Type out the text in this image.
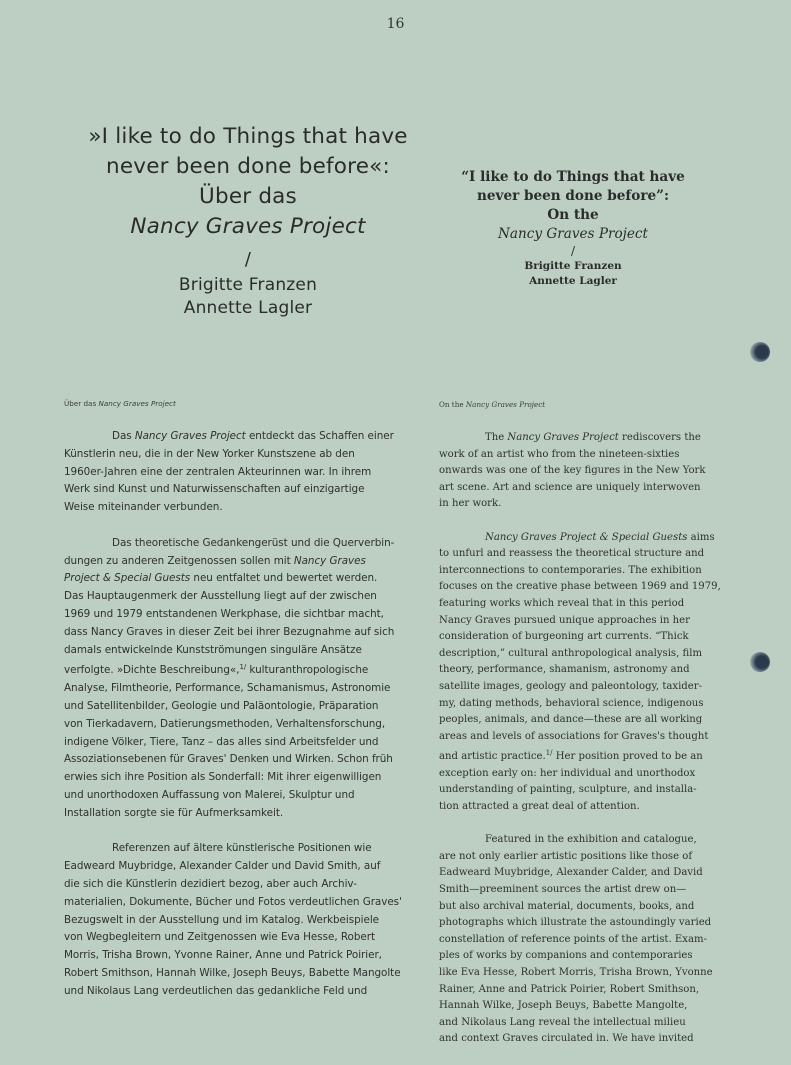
16
»I like to do Things that have
never been done before«:
Über das
Nancy Graves Project
/
Brigitte Franzen
Annette Lagler
“I like to do Things that have
never been done before”:
On the
Nancy Graves Project
/
Brigitte Franzen
Annette Lagler
Über das Nancy Graves Project	On the Nancy Graves Project
Das Nancy Graves Project entdeckt das Schaffen einer
Künstlerin neu, die in der New Yorker Kunstszene ab den
1960er-Jahren eine der zentralen Akteurinnen war. In ihrem
Werk sind Kunst und Naturwissenschaften auf einzigartige
Weise miteinander verbunden.
Das theoretische Gedankengerüst und die Querverbin-
dungen zu anderen Zeitgenossen sollen mit Nancy Graves
Project & Special Guests neu entfaltet und bewertet werden.
Das Hauptaugenmerk der Ausstellung liegt auf der zwischen
1969 und 1979 entstandenen Werkphase, die sichtbar macht,
dass Nancy Graves in dieser Zeit bei ihrer Bezugnahme auf sich
damals entwickelnde Kunstströmungen singuläre Ansätze
verfolgte. »Dichte Beschreibung«,$^{1/}$ kulturanthropologische
Analyse, Filmtheorie, Performance, Schamanismus, Astronomie
und Satellitenbilder, Geologie und Paläontologie, Präparation
von Tierkadavern, Datierungsmethoden, Verhaltensforschung,
indigene Völker, Tiere, Tanz – das alles sind Arbeitsfelder und
Assoziationsebenen für Graves' Denken und Wirken. Schon früh
erwies sich ihre Position als Sonderfall: Mit ihrer eigenwilligen
und unorthodoxen Auffassung von Malerei, Skulptur und
Installation sorgte sie für Aufmerksamkeit.
Referenzen auf ältere künstlerische Positionen wie
Eadweard Muybridge, Alexander Calder und David Smith, auf
die sich die Künstlerin dezidiert bezog, aber auch Archiv-
materialien, Dokumente, Bücher und Fotos verdeutlichen Graves'
Bezugswelt in der Ausstellung und im Katalog. Werkbeispiele
von Wegbegleitern und Zeitgenossen wie Eva Hesse, Robert
Morris, Trisha Brown, Yvonne Rainer, Anne und Patrick Poirier,
Robert Smithson, Hannah Wilke, Joseph Beuys, Babette Mangolte
und Nikolaus Lang verdeutlichen das gedankliche Feld und
The Nancy Graves Project rediscovers the
work of an artist who from the nineteen-sixties
onwards was one of the key figures in the New York
art scene. Art and science are uniquely interwoven
in her work.
Nancy Graves Project & Special Guests aims
to unfurl and reassess the theoretical structure and
interconnections to contemporaries. The exhibition
focuses on the creative phase between 1969 and 1979,
featuring works which reveal that in this period
Nancy Graves pursued unique approaches in her
consideration of burgeoning art currents. “Thick
description,” cultural anthropological analysis, film
theory, performance, shamanism, astronomy and
satellite images, geology and paleontology, taxider-
my, dating methods, behavioral science, indigenous
peoples, animals, and dance—these are all working
areas and levels of associations for Graves's thought
and artistic practice.$^{1/}$ Her position proved to be an
exception early on: her individual and unorthodox
understanding of painting, sculpture, and installa-
tion attracted a great deal of attention.
Featured in the exhibition and catalogue,
are not only earlier artistic positions like those of
Eadweard Muybridge, Alexander Calder, and David
Smith—preeminent sources the artist drew on—
but also archival material, documents, books, and
photographs which illustrate the astoundingly varied
constellation of reference points of the artist. Exam-
ples of works by companions and contemporaries
like Eva Hesse, Robert Morris, Trisha Brown, Yvonne
Rainer, Anne and Patrick Poirier, Robert Smithson,
Hannah Wilke, Joseph Beuys, Babette Mangolte,
and Nikolaus Lang reveal the intellectual milieu
and context Graves circulated in. We have invited
